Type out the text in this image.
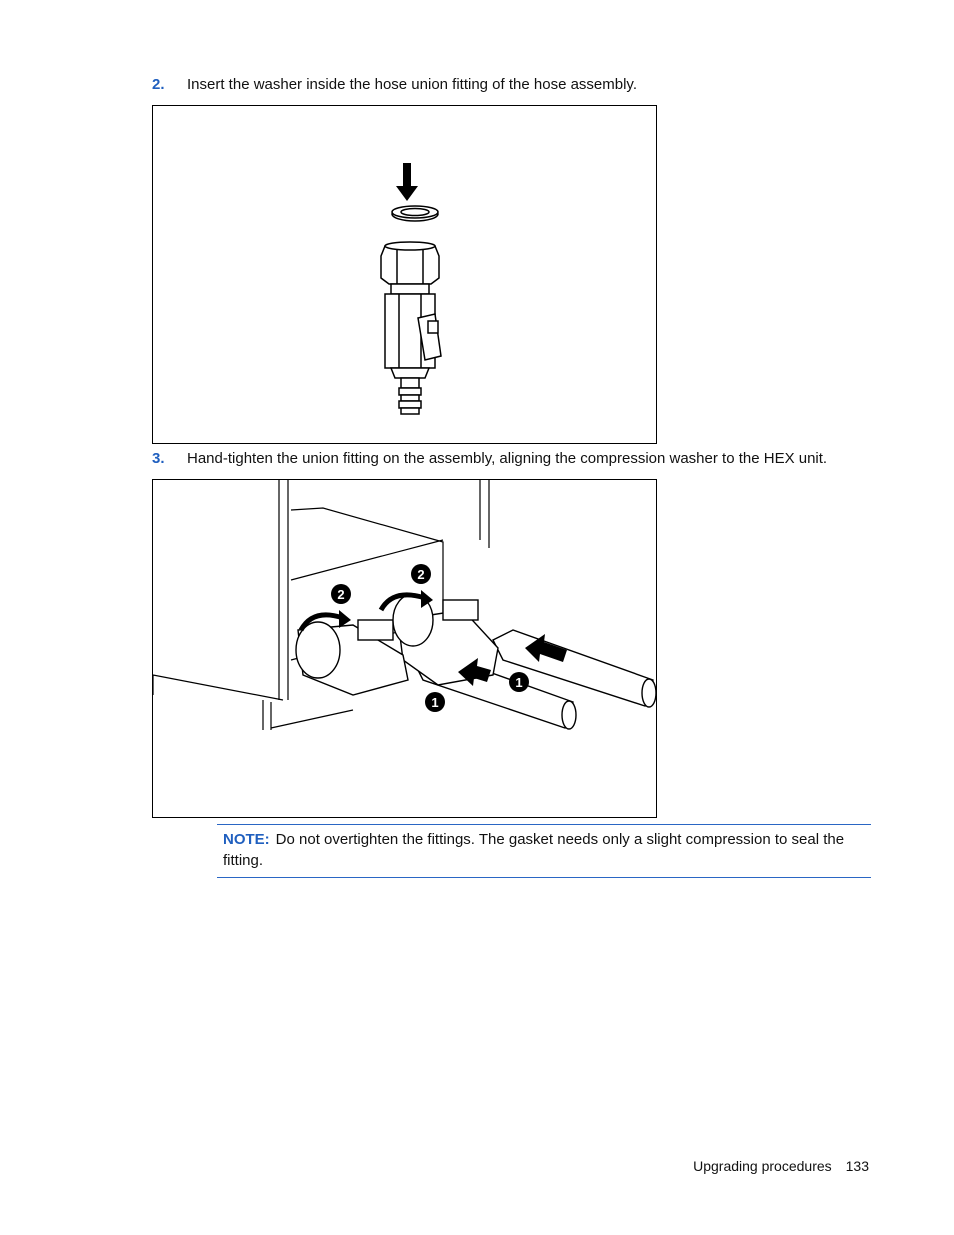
2. Insert the washer inside the hose union fitting of the hose assembly.
3. Hand-tighten the union fitting on the assembly, aligning the compression washer to the HEX unit.
1
1
2
2
NOTE: Do not overtighten the fittings. The gasket needs only a slight compression to seal the fitting.
Upgrading procedures 133
